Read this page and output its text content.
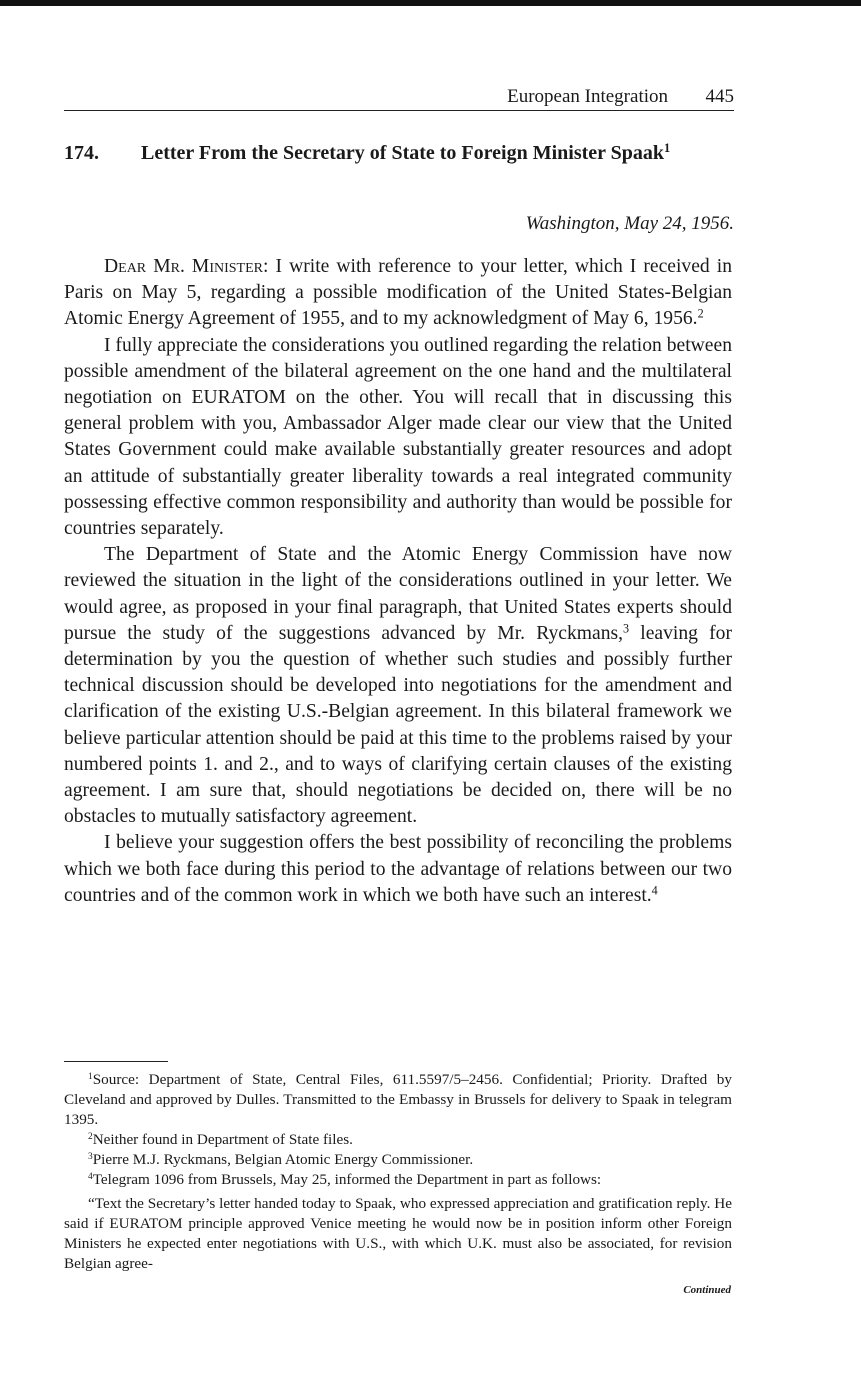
European Integration 445
174. Letter From the Secretary of State to Foreign Minister Spaak$^1$
Washington, May 24, 1956.

Dear Mr. Minister: I write with reference to your letter, which I received in Paris on May 5, regarding a possible modification of the United States-Belgian Atomic Energy Agreement of 1955, and to my acknowledgment of May 6, 1956.$^2$

I fully appreciate the considerations you outlined regarding the relation between possible amendment of the bilateral agreement on the one hand and the multilateral negotiation on EURATOM on the other. You will recall that in discussing this general problem with you, Ambassador Alger made clear our view that the United States Government could make available substantially greater resources and adopt an attitude of substantially greater liberality towards a real integrated community possessing effective common responsibility and authority than would be possible for countries separately.

The Department of State and the Atomic Energy Commission have now reviewed the situation in the light of the considerations outlined in your letter. We would agree, as proposed in your final paragraph, that United States experts should pursue the study of the suggestions advanced by Mr. Ryckmans,$^3$ leaving for determination by you the question of whether such studies and possibly further technical discussion should be developed into negotiations for the amendment and clarification of the existing U.S.-Belgian agreement. In this bilateral framework we believe particular attention should be paid at this time to the problems raised by your numbered points 1. and 2., and to ways of clarifying certain clauses of the existing agreement. I am sure that, should negotiations be decided on, there will be no obstacles to mutually satisfactory agreement.

I believe your suggestion offers the best possibility of reconciling the problems which we both face during this period to the advantage of relations between our two countries and of the common work in which we both have such an interest.$^4$

$^1$Source: Department of State, Central Files, 611.5597/5–2456. Confidential; Priority. Drafted by Cleveland and approved by Dulles. Transmitted to the Embassy in Brussels for delivery to Spaak in telegram 1395.

$^2$Neither found in Department of State files.

$^3$Pierre M.J. Ryckmans, Belgian Atomic Energy Commissioner.

$^4$Telegram 1096 from Brussels, May 25, informed the Department in part as follows:

“Text the Secretary’s letter handed today to Spaak, who expressed appreciation and gratification reply. He said if EURATOM principle approved Venice meeting he would now be in position inform other Foreign Ministers he expected enter negotiations with U.S., with which U.K. must also be associated, for revision Belgian agree-

Continued
